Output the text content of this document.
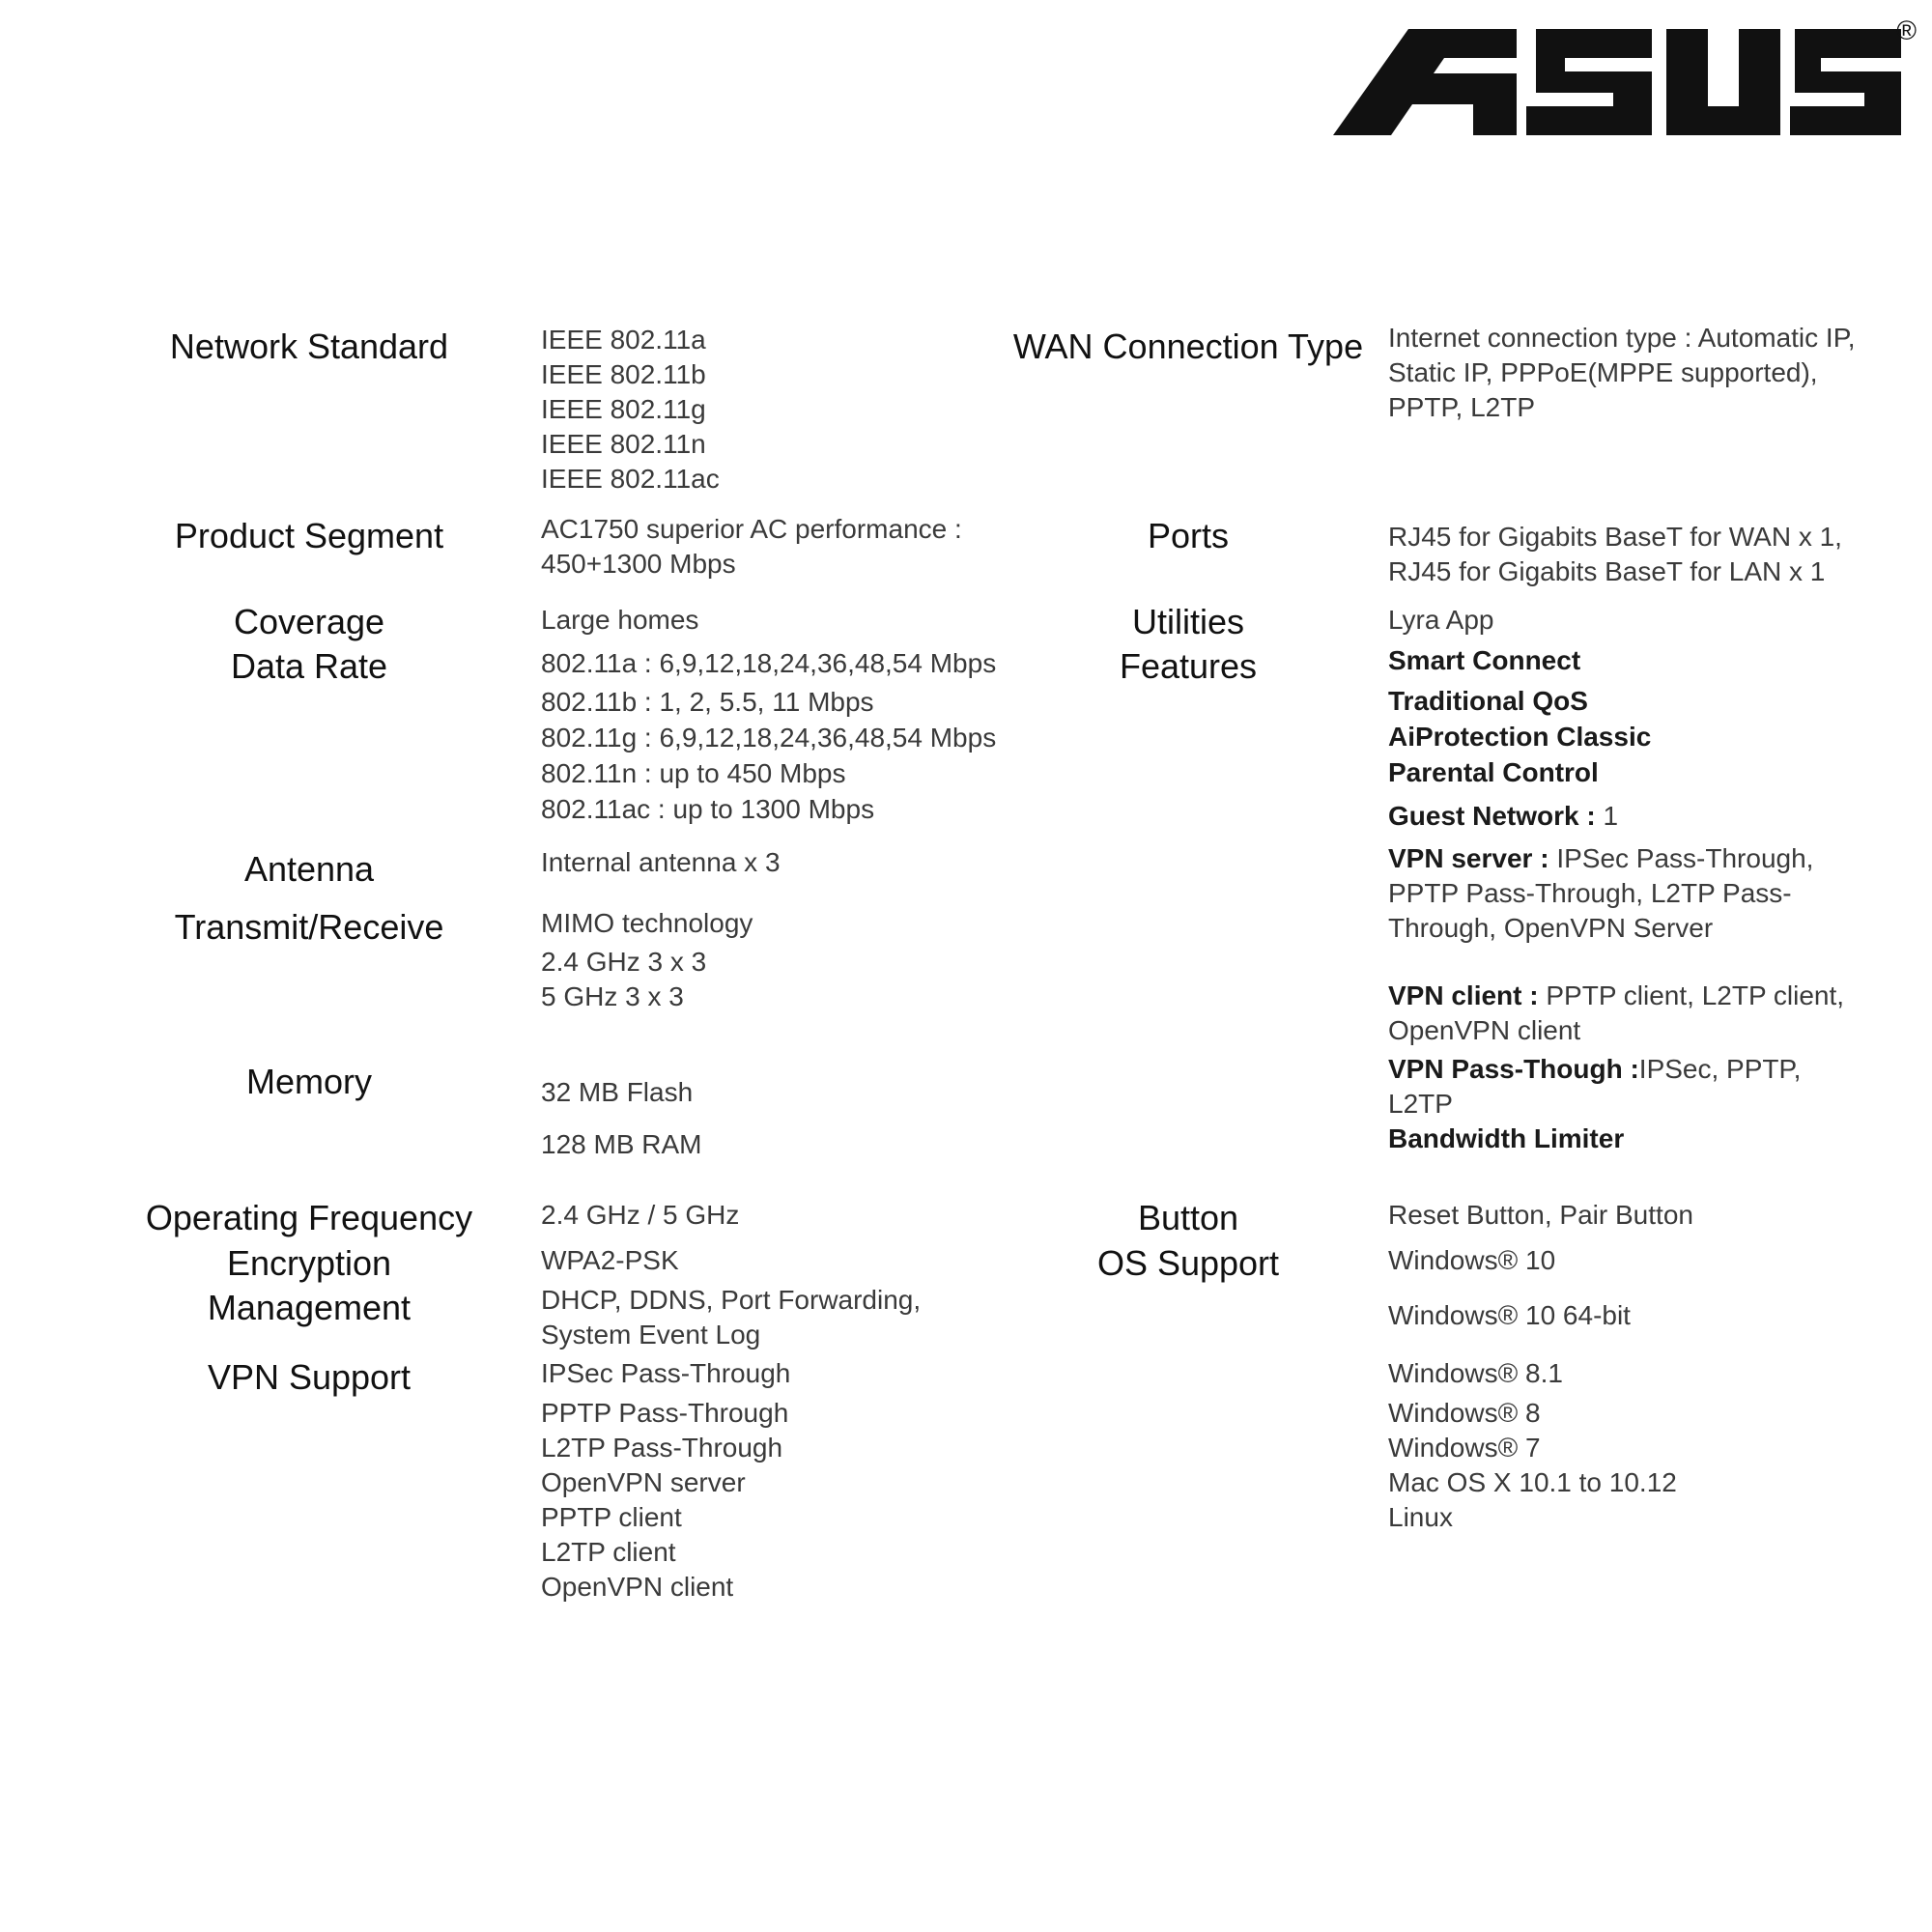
®
Network Standard
Product Segment
Coverage
Data Rate
Antenna
Transmit/Receive
Memory
Operating Frequency
Encryption
Management
VPN Support
IEEE 802.11a
IEEE 802.11b
IEEE 802.11g
IEEE 802.11n
IEEE 802.11ac
AC1750 superior AC performance :
450+1300 Mbps
Large homes
802.11a : 6,9,12,18,24,36,48,54 Mbps
802.11b : 1, 2, 5.5, 11 Mbps
802.11g : 6,9,12,18,24,36,48,54 Mbps
802.11n : up to 450 Mbps
802.11ac : up to 1300 Mbps
Internal antenna x 3
MIMO technology
2.4 GHz 3 x 3
5 GHz 3 x 3
32 MB Flash
128 MB RAM
2.4 GHz / 5 GHz
WPA2-PSK
DHCP, DDNS, Port Forwarding,
System Event Log
IPSec Pass-Through
PPTP Pass-Through
L2TP Pass-Through
OpenVPN server
PPTP client
L2TP client
OpenVPN client
WAN Connection Type
Ports
Utilities
Features
Button
OS Support
Internet connection type : Automatic IP,
Static IP, PPPoE(MPPE supported),
PPTP, L2TP
RJ45 for Gigabits BaseT for WAN x 1,
RJ45 for Gigabits BaseT for LAN x 1
Lyra App
Smart Connect
Traditional QoS
AiProtection Classic
Parental Control
Guest Network : 1
VPN server : IPSec Pass-Through,
PPTP Pass-Through, L2TP Pass-
Through, OpenVPN Server
VPN client : PPTP client, L2TP client,
OpenVPN client
VPN Pass-Though :IPSec, PPTP,
L2TP
Bandwidth Limiter
Reset Button, Pair Button
Windows® 10
Windows® 10 64-bit
Windows® 8.1
Windows® 8
Windows® 7
Mac OS X 10.1 to 10.12
Linux
